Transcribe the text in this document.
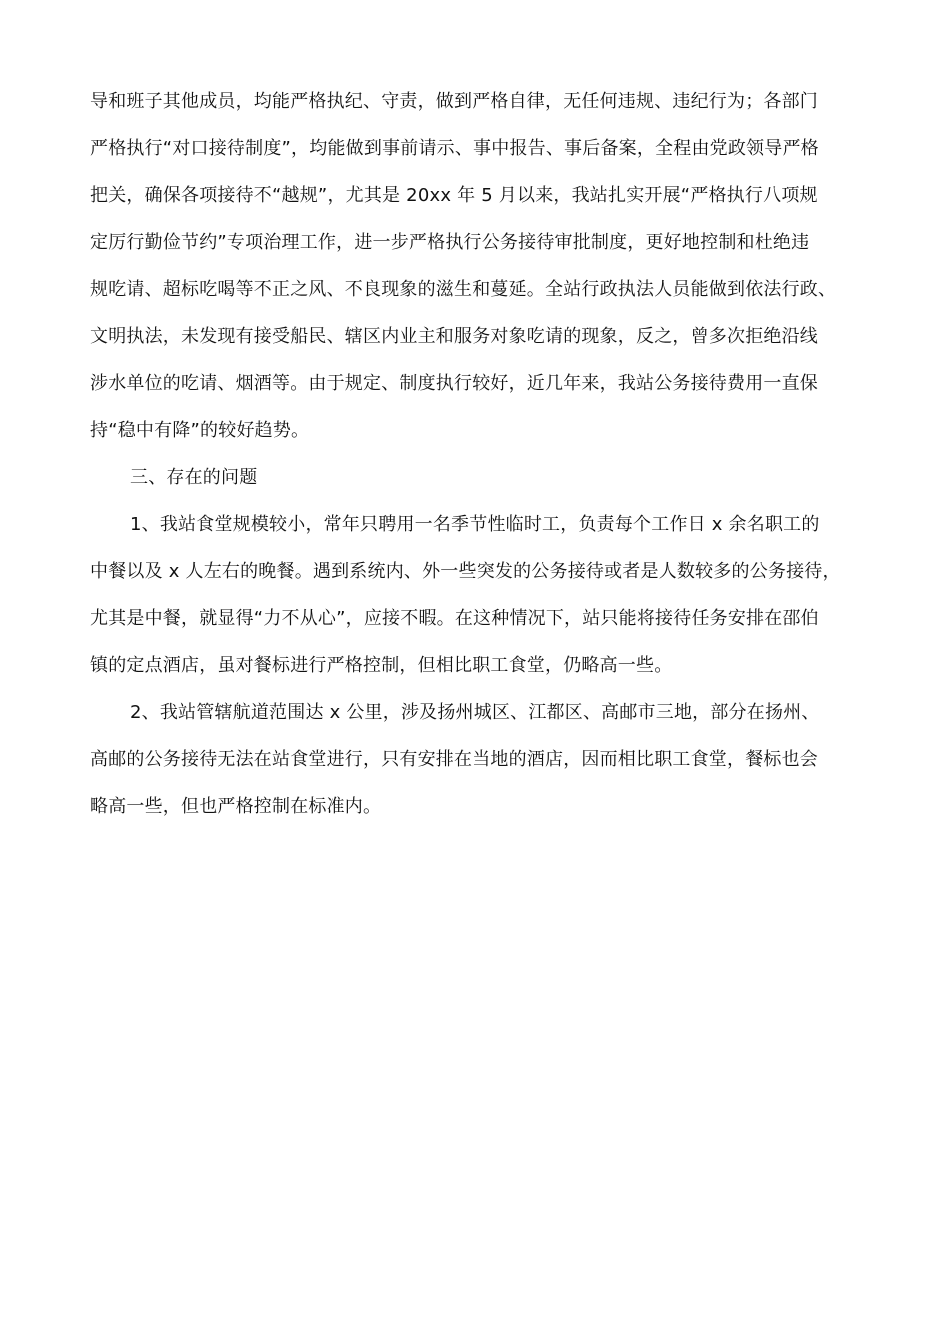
导和班子其他成员，均能严格执纪、守责，做到严格自律，无任何违规、违纪行为；各部门
严格执行“对口接待制度”，均能做到事前请示、事中报告、事后备案，全程由党政领导严格
把关，确保各项接待不“越规”，尤其是 20xx 年 5 月以来，我站扎实开展“严格执行八项规
定厉行勤俭节约”专项治理工作，进一步严格执行公务接待审批制度，更好地控制和杜绝违
规吃请、超标吃喝等不正之风、不良现象的滋生和蔓延。全站行政执法人员能做到依法行政、
文明执法，未发现有接受船民、辖区内业主和服务对象吃请的现象，反之，曾多次拒绝沿线
涉水单位的吃请、烟酒等。由于规定、制度执行较好，近几年来，我站公务接待费用一直保
持“稳中有降”的较好趋势。
三、存在的问题
1、我站食堂规模较小，常年只聘用一名季节性临时工，负责每个工作日 x 余名职工的
中餐以及 x 人左右的晚餐。遇到系统内、外一些突发的公务接待或者是人数较多的公务接待，
尤其是中餐，就显得“力不从心”，应接不暇。在这种情况下，站只能将接待任务安排在邵伯
镇的定点酒店，虽对餐标进行严格控制，但相比职工食堂，仍略高一些。
2、我站管辖航道范围达 x 公里，涉及扬州城区、江都区、高邮市三地，部分在扬州、
高邮的公务接待无法在站食堂进行，只有安排在当地的酒店，因而相比职工食堂，餐标也会
略高一些，但也严格控制在标准内。
